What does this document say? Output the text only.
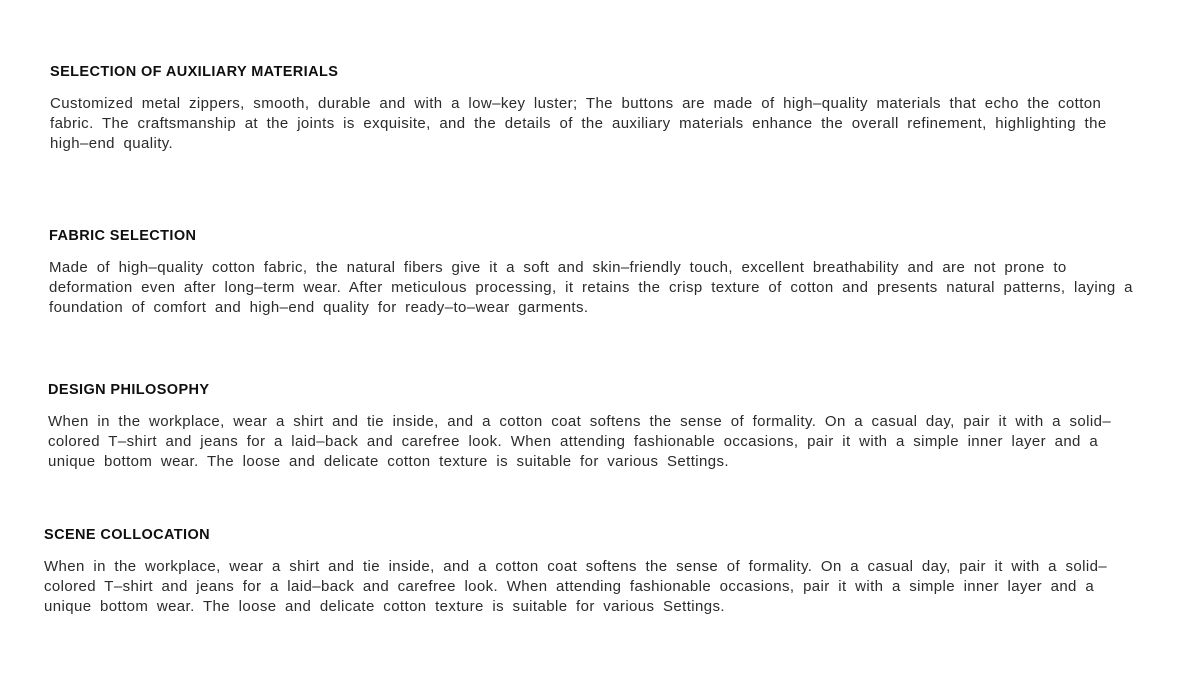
SELECTION OF AUXILIARY MATERIALS

Customized metal zippers, smooth, durable and with a low–key luster; The buttons are made of high–quality materials that echo the cotton fabric. The craftsmanship at the joints is exquisite, and the details of the auxiliary materials enhance the overall refinement, highlighting the high–end quality.

FABRIC SELECTION

Made of high–quality cotton fabric, the natural fibers give it a soft and skin–friendly touch, excellent breathability and are not prone to deformation even after long–term wear. After meticulous processing, it retains the crisp texture of cotton and presents natural patterns, laying a foundation of comfort and high–end quality for ready–to–wear garments.

DESIGN PHILOSOPHY

When in the workplace, wear a shirt and tie inside, and a cotton coat softens the sense of formality. On a casual day, pair it with a solid–colored T–shirt and jeans for a laid–back and carefree look. When attending fashionable occasions, pair it with a simple inner layer and a unique bottom wear. The loose and delicate cotton texture is suitable for various Settings.

SCENE COLLOCATION

When in the workplace, wear a shirt and tie inside, and a cotton coat softens the sense of formality. On a casual day, pair it with a solid–colored T–shirt and jeans for a laid–back and carefree look. When attending fashionable occasions, pair it with a simple inner layer and a unique bottom wear. The loose and delicate cotton texture is suitable for various Settings.
